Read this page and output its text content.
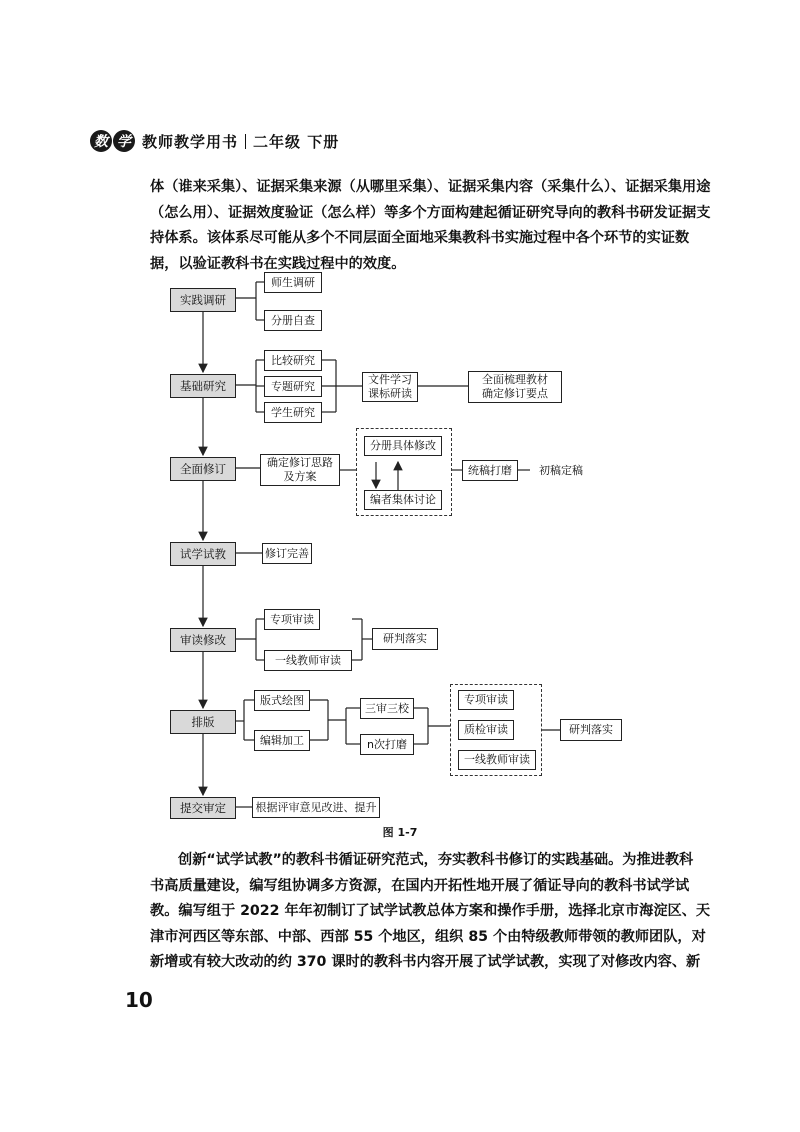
数 学 教师教学用书 二年级 下册
体（谁来采集）、证据采集来源（从哪里采集）、证据采集内容（采集什么）、证据采集用途
（怎么用）、证据效度验证（怎么样）等多个方面构建起循证研究导向的教科书研发证据支
持体系。该体系尽可能从多个不同层面全面地采集教科书实施过程中各个环节的实证数
据，以验证教科书在实践过程中的效度。
实践调研
基础研究
全面修订
试学试教
审读修改
排版
提交审定
师生调研
分册自查
比较研究
专题研究
学生研究
文件学习
课标研读
全面梳理教材
确定修订要点
确定修订思路
及方案
分册具体修改
编者集体讨论
统稿打磨	初稿定稿
修订完善
专项审读
一线教师审读
研判落实
版式绘图
编辑加工
三审三校
n次打磨
专项审读
质检审读
一线教师审读
研判落实
根据评审意见改进、提升
图 1-7
创新“试学试教”的教科书循证研究范式，夯实教科书修订的实践基础。为推进教科
书高质量建设，编写组协调多方资源，在国内开拓性地开展了循证导向的教科书试学试
教。编写组于 2022 年年初制订了试学试教总体方案和操作手册，选择北京市海淀区、天
津市河西区等东部、中部、西部 55 个地区，组织 85 个由特级教师带领的教师团队，对
新增或有较大改动的约 370 课时的教科书内容开展了试学试教，实现了对修改内容、新
10
